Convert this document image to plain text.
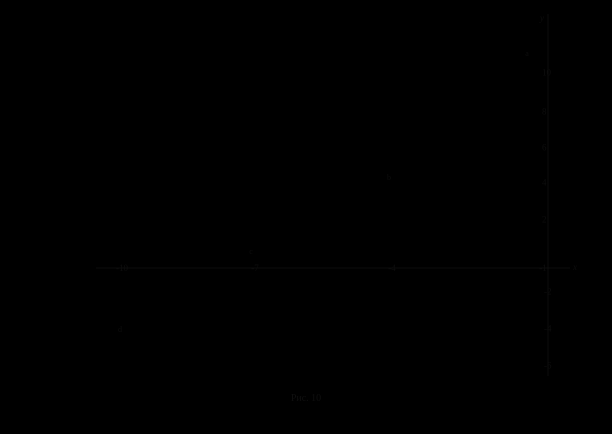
-10	-7	-4	-1
10
8
6
4
2
-2
-4
-6
y
x
a
b
c
d
Рис. 10
